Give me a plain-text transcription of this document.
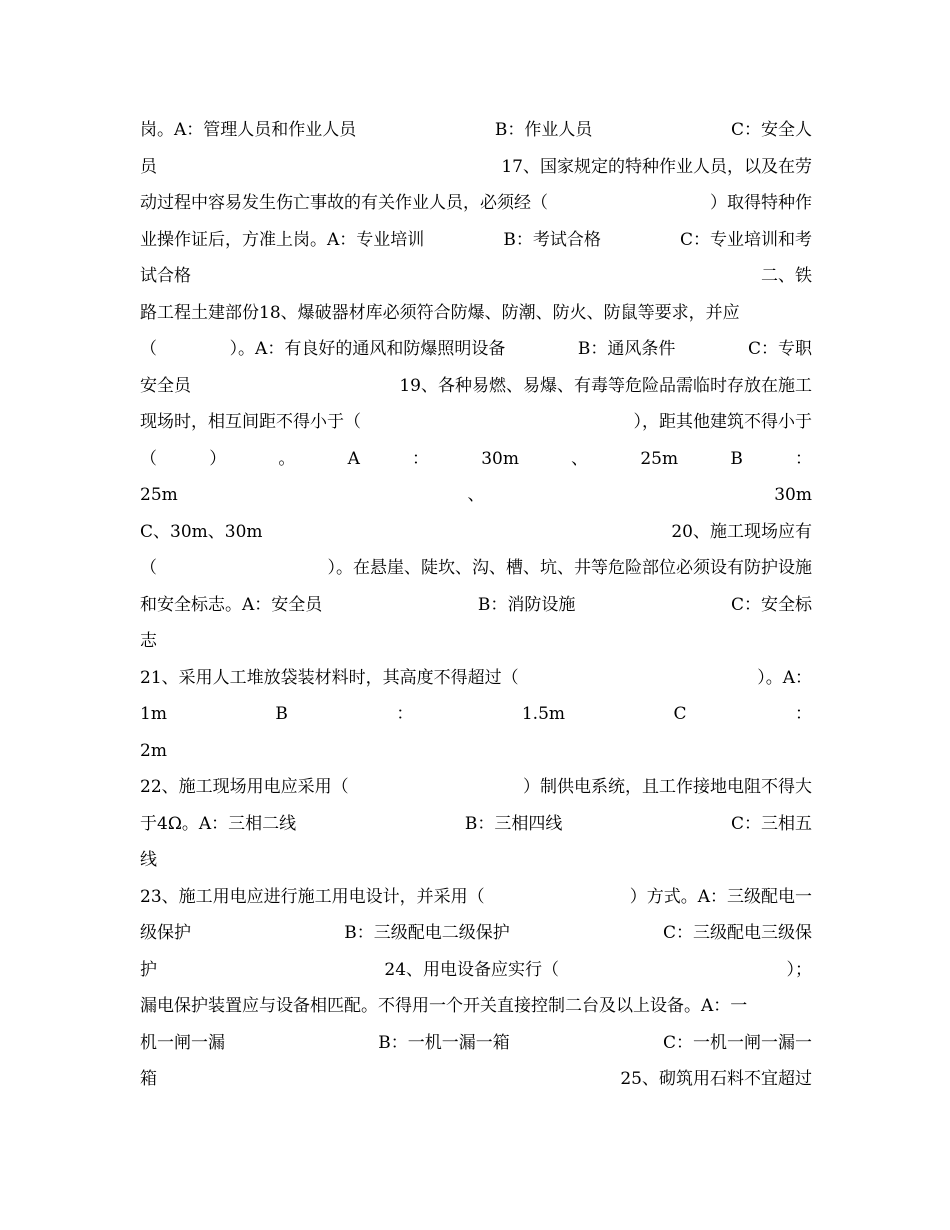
岗。A：管理人员和作业人员	B：作业人员	C：安全人
员	17、国家规定的特种作业人员，以及在劳
动过程中容易发生伤亡事故的有关作业人员，必须经（	）取得特种作
业操作证后，方准上岗。A：专业培训	B：考试合格	C：专业培训和考
试合格	二、铁
路工程土建部份18、爆破器材库必须符合防爆、防潮、防火、防鼠等要求，并应
（	）。A：有良好的通风和防爆照明设备	B：通风条件	C：专职
安全员	19、各种易燃、易爆、有毒等危险品需临时存放在施工
现场时，相互间距不得小于（	），距其他建筑不得小于
（	）	。	A	：	30m	、	25m	B	：
25m	、	30m
C、30m、30m	20、施工现场应有
（	）。在悬崖、陡坎、沟、槽、坑、井等危险部位必须设有防护设施
和安全标志。A：安全员	B：消防设施	C：安全标
志
21、采用人工堆放袋装材料时，其高度不得超过（	）。A：
1m	B	：	1.5m	C	：
2m
22、施工现场用电应采用（	）制供电系统，且工作接地电阻不得大
于4Ω。A：三相二线	B：三相四线	C：三相五
线
23、施工用电应进行施工用电设计，并采用（	）方式。A：三级配电一
级保护	B：三级配电二级保护	C：三级配电三级保
护	24、用电设备应实行（	）；
漏电保护装置应与设备相匹配。不得用一个开关直接控制二台及以上设备。A：一
机一闸一漏	B：一机一漏一箱	C：一机一闸一漏一
箱	25、砌筑用石料不宜超过
